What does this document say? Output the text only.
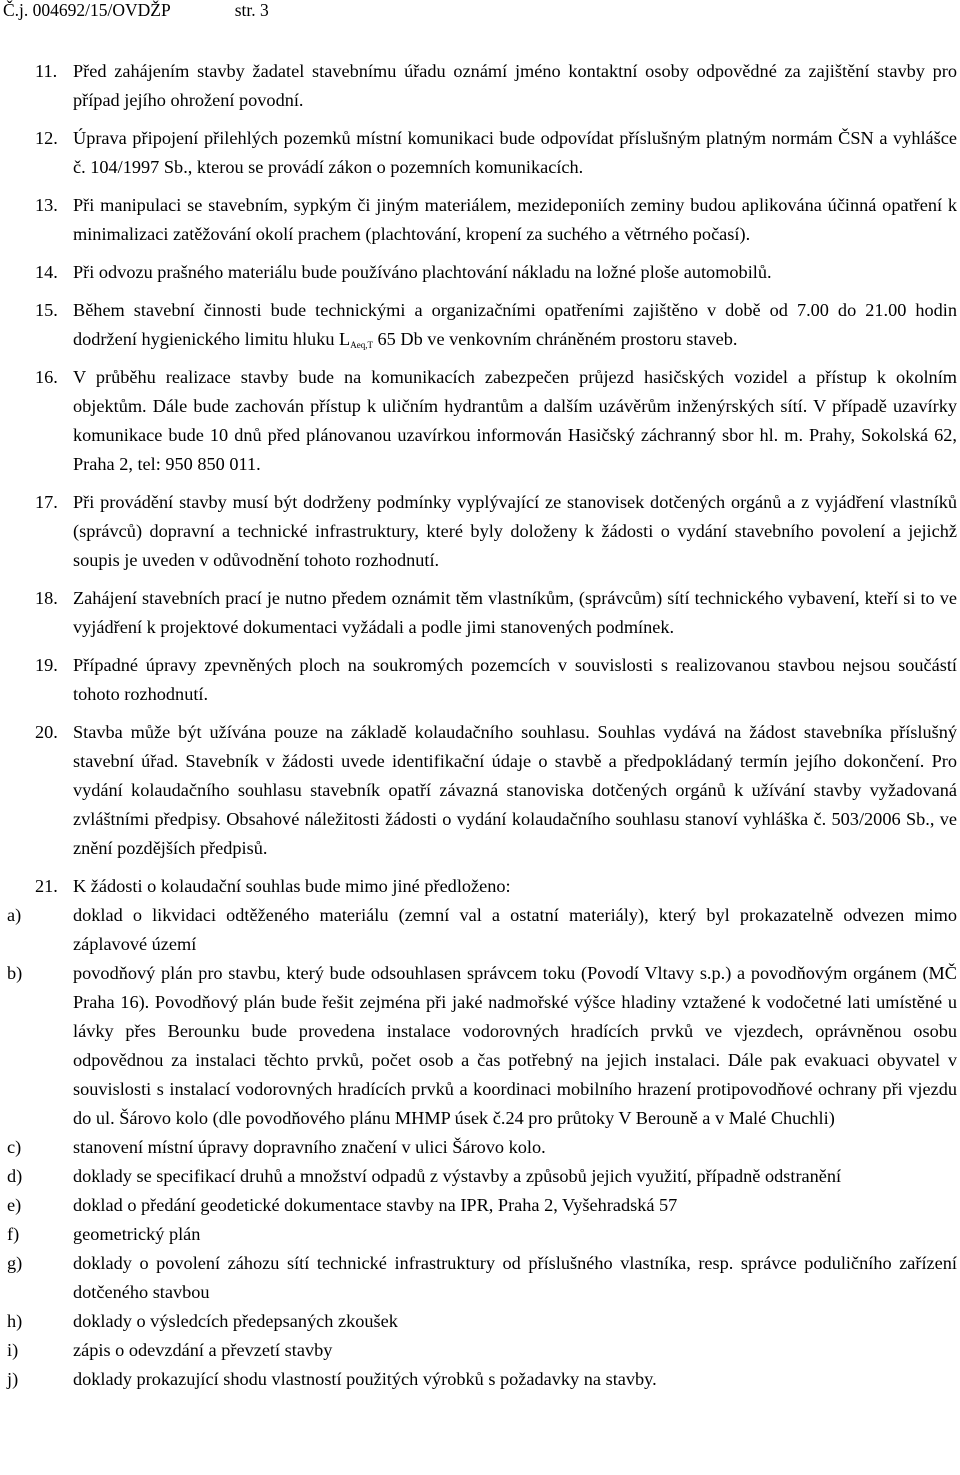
Č.j. 004692/15/OVDŽP	str. 3
11. Před zahájením stavby žadatel stavebnímu úřadu oznámí jméno kontaktní osoby odpovědné za zajištění stavby pro případ jejího ohrožení povodní.
12. Úprava připojení přilehlých pozemků místní komunikaci bude odpovídat příslušným platným normám ČSN a vyhlášce č. 104/1997 Sb., kterou se provádí zákon o pozemních komunikacích.
13. Při manipulaci se stavebním, sypkým či jiným materiálem, mezideponiích zeminy budou aplikována účinná opatření k minimalizaci zatěžování okolí prachem (plachtování, kropení za suchého a větrného počasí).
14. Při odvozu prašného materiálu bude používáno plachtování nákladu na ložné ploše automobilů.
15. Během stavební činnosti bude technickými a organizačními opatřeními zajištěno v době od 7.00 do 21.00 hodin dodržení hygienického limitu hluku $L_{Aeq,T}$ 65 Db ve venkovním chráněném prostoru staveb.
16. V průběhu realizace stavby bude na komunikacích zabezpečen průjezd hasičských vozidel a přístup k okolním objektům. Dále bude zachován přístup k uličním hydrantům a dalším uzávěrům inženýrských sítí. V případě uzavírky komunikace bude 10 dnů před plánovanou uzavírkou informován Hasičský záchranný sbor hl. m. Prahy, Sokolská 62, Praha 2, tel: 950 850 011.
17. Při provádění stavby musí být dodrženy podmínky vyplývající ze stanovisek dotčených orgánů a z vyjádření vlastníků (správců) dopravní a technické infrastruktury, které byly doloženy k žádosti o vydání stavebního povolení a jejichž soupis je uveden v odůvodnění tohoto rozhodnutí.
18. Zahájení stavebních prací je nutno předem oznámit těm vlastníkům, (správcům) sítí technického vybavení, kteří si to ve vyjádření k projektové dokumentaci vyžádali a podle jimi stanovených podmínek.
19. Případné úpravy zpevněných ploch na soukromých pozemcích v souvislosti s realizovanou stavbou nejsou součástí tohoto rozhodnutí.
20. Stavba může být užívána pouze na základě kolaudačního souhlasu. Souhlas vydává na žádost stavebníka příslušný stavební úřad. Stavebník v žádosti uvede identifikační údaje o stavbě a předpokládaný termín jejího dokončení. Pro vydání kolaudačního souhlasu stavebník opatří závazná stanoviska dotčených orgánů k užívání stavby vyžadovaná zvláštními předpisy. Obsahové náležitosti žádosti o vydání kolaudačního souhlasu stanoví vyhláška č. 503/2006 Sb., ve znění pozdějších předpisů.
21. K žádosti o kolaudační souhlas bude mimo jiné předloženo:
a)	doklad o likvidaci odtěženého materiálu (zemní val a ostatní materiály), který byl prokazatelně odvezen mimo záplavové území
b)	povodňový plán pro stavbu, který bude odsouhlasen správcem toku (Povodí Vltavy s.p.) a povodňovým orgánem (MČ Praha 16). Povodňový plán bude řešit zejména při jaké nadmořské výšce hladiny vztažené k vodočetné lati umístěné u lávky přes Berounku bude provedena instalace vodorovných hradících prvků ve vjezdech, oprávněnou osobu odpovědnou za instalaci těchto prvků, počet osob a čas potřebný na jejich instalaci. Dále pak evakuaci obyvatel v souvislosti s instalací vodorovných hradících prvků a koordinaci mobilního hrazení protipovodňové ochrany při vjezdu do ul. Šárovo kolo (dle povodňového plánu MHMP úsek č.24 pro průtoky V Berouně a v Malé Chuchli)
c)	stanovení místní úpravy dopravního značení v ulici Šárovo kolo.
d)	doklady se specifikací druhů a množství odpadů z výstavby a způsobů jejich využití, případně odstranění
e)	doklad o předání geodetické dokumentace stavby na IPR, Praha 2, Vyšehradská 57
f)	geometrický plán
g)	doklady o povolení záhozu sítí technické infrastruktury od příslušného vlastníka, resp. správce poduličního zařízení dotčeného stavbou
h)	doklady o výsledcích předepsaných zkoušek
i)	zápis o odevzdání a převzetí stavby
j)	doklady prokazující shodu vlastností použitých výrobků s požadavky na stavby.
